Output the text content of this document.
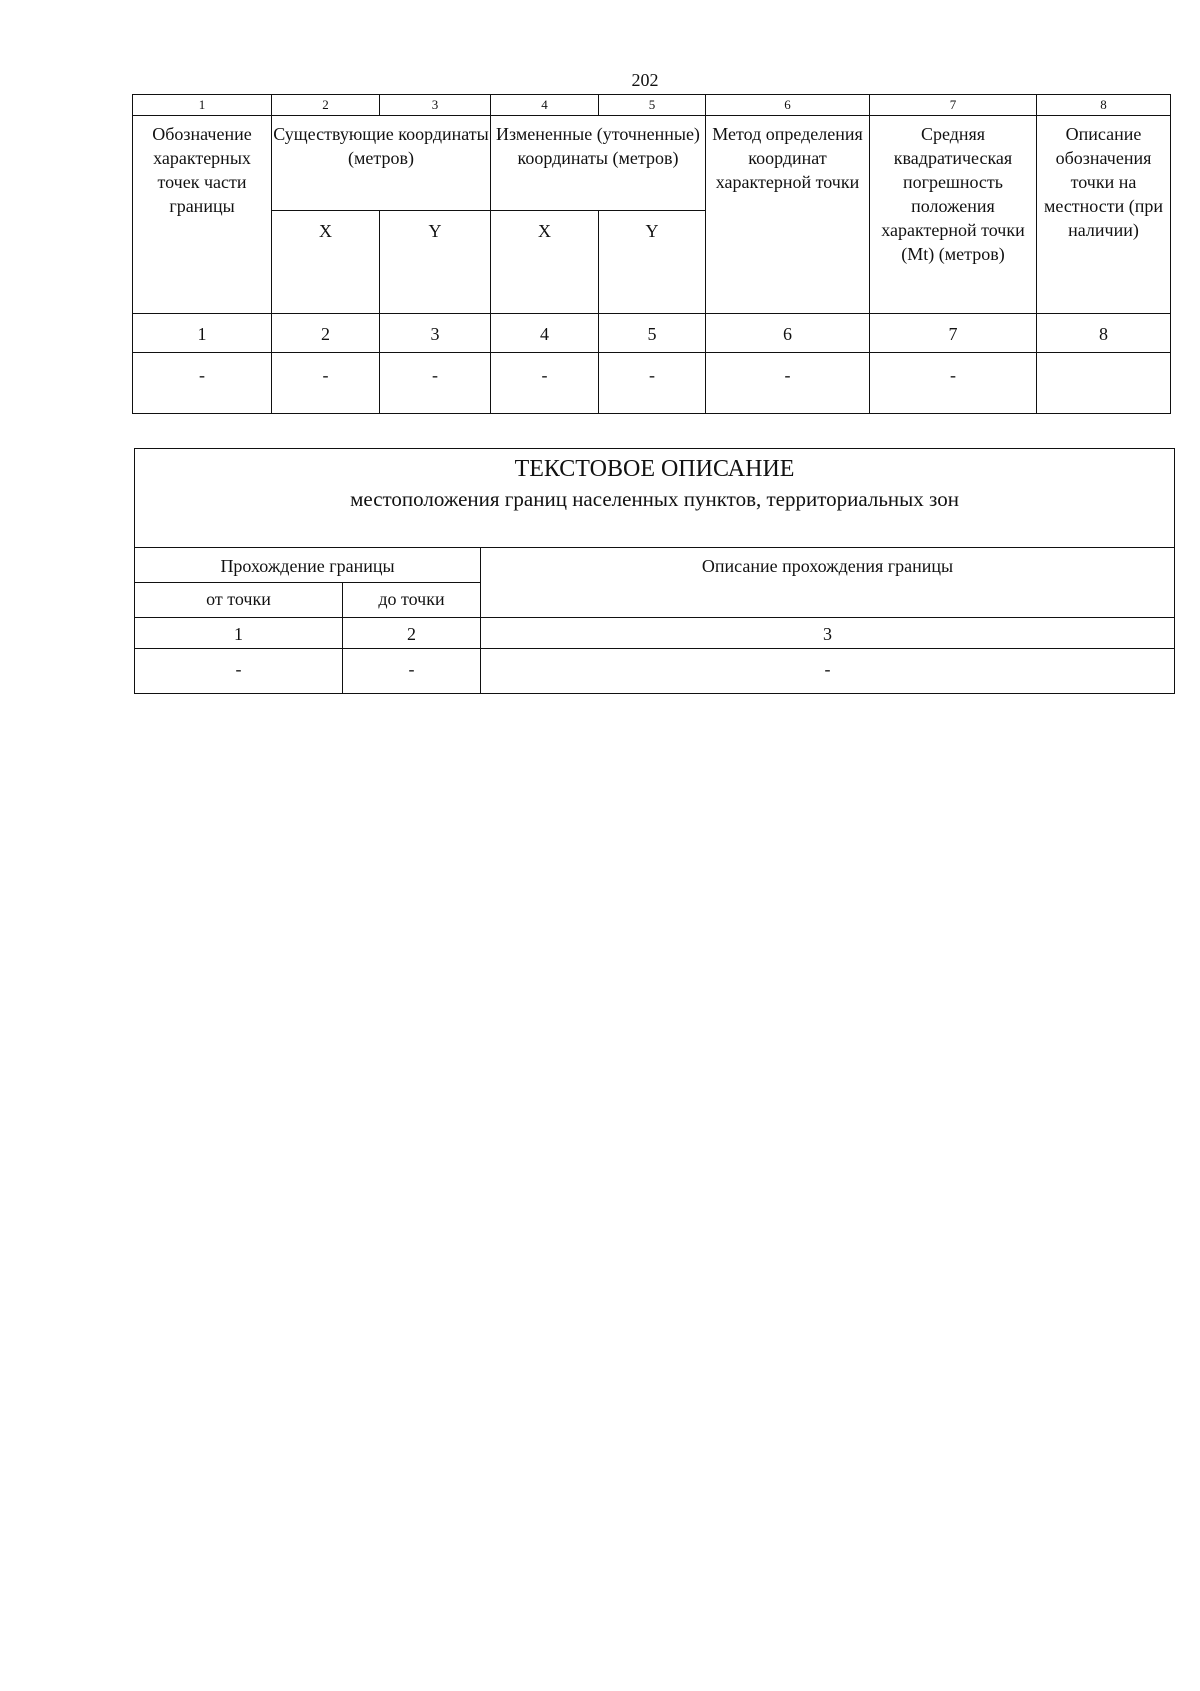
202
1	2	3	4	5	6	7	8
Обозначение характерных точек части границы	Существующие координаты (метров)		Измененные (уточненные) координаты (метров)		Метод определения координат характерной точки	Средняя квадратическая погрешность положения характерной точки (Mt) (метров)	Описание обозначения точки на местности (при наличии)
	X	Y	X	Y			
1	2	3	4	5	6	7	8
-	-	-	-	-	-	-	
ТЕКСТОВОЕ ОПИСАНИЕ
местоположения границ населенных пунктов, территориальных зон		

Прохождение границы		Описание прохождения границы
от точки	до точки	
1	2	3
-	-	-
